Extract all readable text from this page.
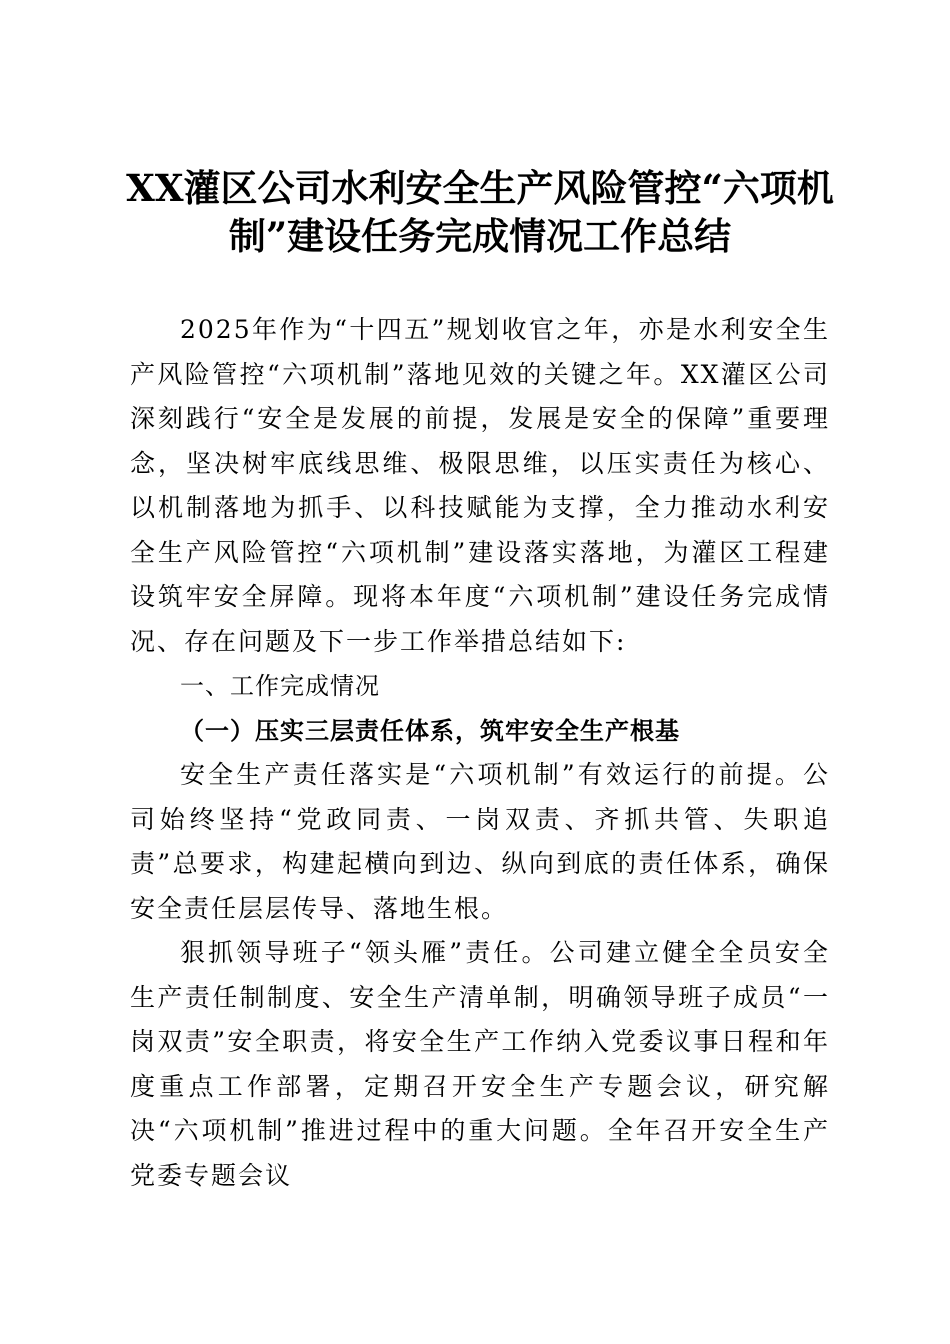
XX灌区公司水利安全生产风险管控“六项机
制”建设任务完成情况工作总结

2025年作为“十四五”规划收官之年，亦是水利安全生产风险管控“六项机制”落地见效的关键之年。XX灌区公司深刻践行“安全是发展的前提，发展是安全的保障”重要理念，坚决树牢底线思维、极限思维，以压实责任为核心、以机制落地为抓手、以科技赋能为支撑，全力推动水利安全生产风险管控“六项机制”建设落实落地，为灌区工程建设筑牢安全屏障。现将本年度“六项机制”建设任务完成情况、存在问题及下一步工作举措总结如下:

一、工作完成情况

（一）压实三层责任体系，筑牢安全生产根基

安全生产责任落实是“六项机制”有效运行的前提。公司始终坚持“党政同责、一岗双责、齐抓共管、失职追责”总要求，构建起横向到边、纵向到底的责任体系，确保安全责任层层传导、落地生根。

狠抓领导班子“领头雁”责任。公司建立健全全员安全生产责任制制度、安全生产清单制，明确领导班子成员“一岗双责”安全职责，将安全生产工作纳入党委议事日程和年度重点工作部署，定期召开安全生产专题会议，研究解决“六项机制”推进过程中的重大问题。全年召开安全生产党委专题会议
